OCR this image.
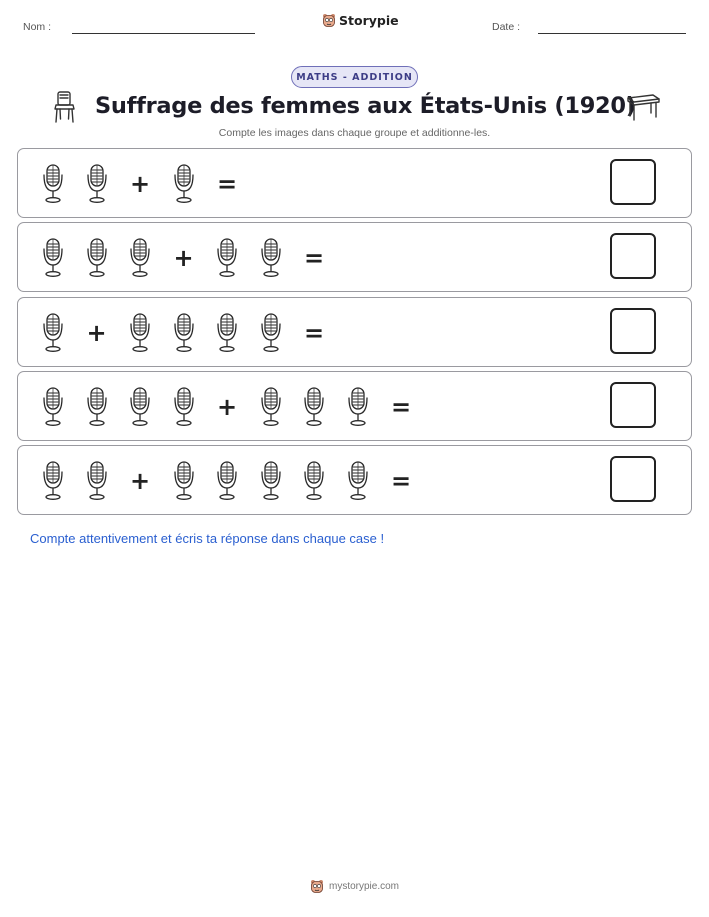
Nom :	Storypie	Date :
MATHS - ADDITION
Suffrage des femmes aux États-Unis (1920)
Compte les images dans chaque groupe et additionne-les.
+	=
+	=
+	=
+	=
+	=
Compte attentivement et écris ta réponse dans chaque case !
mystorypie.com
